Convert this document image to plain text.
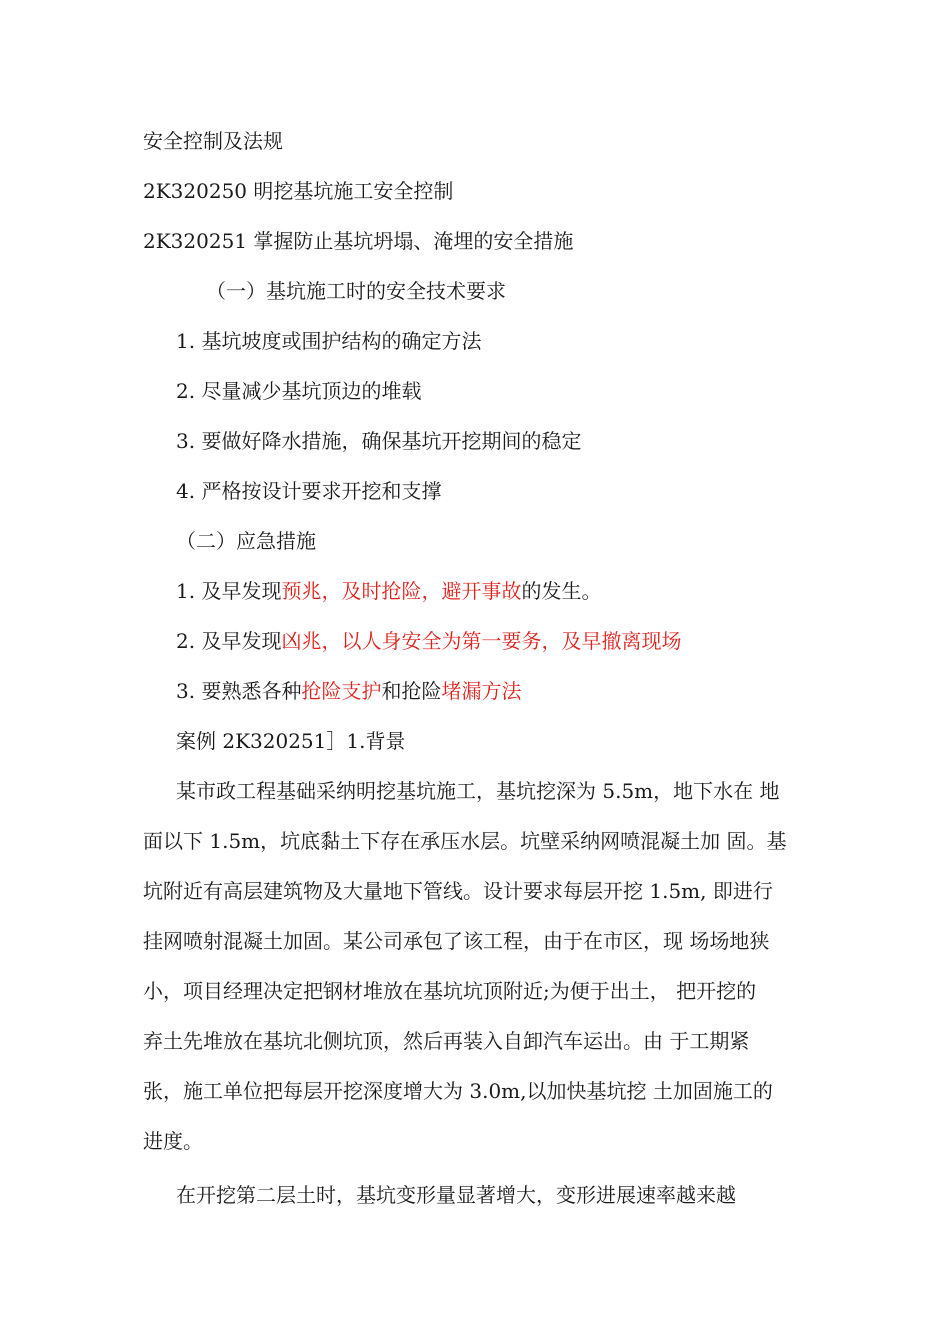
安全控制及法规
2K320250 明挖基坑施工安全控制
2K320251 掌握防止基坑坍塌、淹埋的安全措施
（一）基坑施工时的安全技术要求
1. 基坑坡度或围护结构的确定方法
2. 尽量减少基坑顶边的堆载
3. 要做好降水措施，确保基坑开挖期间的稳定
4. 严格按设计要求开挖和支撑
（二）应急措施
1. 及早发现预兆，及时抢险，避开事故的发生。
2. 及早发现凶兆，以人身安全为第一要务，及早撤离现场
3. 要熟悉各种抢险支护和抢险堵漏方法
案例 2K320251］1.背景
某市政工程基础采纳明挖基坑施工，基坑挖深为 5.5m，地下水在 地
面以下 1.5m，坑底黏土下存在承压水层。坑壁采纳网喷混凝土加 固。基
坑附近有高层建筑物及大量地下管线。设计要求每层开挖 1.5m, 即进行
挂网喷射混凝土加固。某公司承包了该工程，由于在市区，现 场场地狭
小，项目经理决定把钢材堆放在基坑坑顶附近;为便于出土， 把开挖的
弃土先堆放在基坑北侧坑顶，然后再装入自卸汽车运出。由 于工期紧
张，施工单位把每层开挖深度增大为 3.0m,以加快基坑挖 土加固施工的
进度。
在开挖第二层土时，基坑变形量显著增大，变形进展速率越来越
